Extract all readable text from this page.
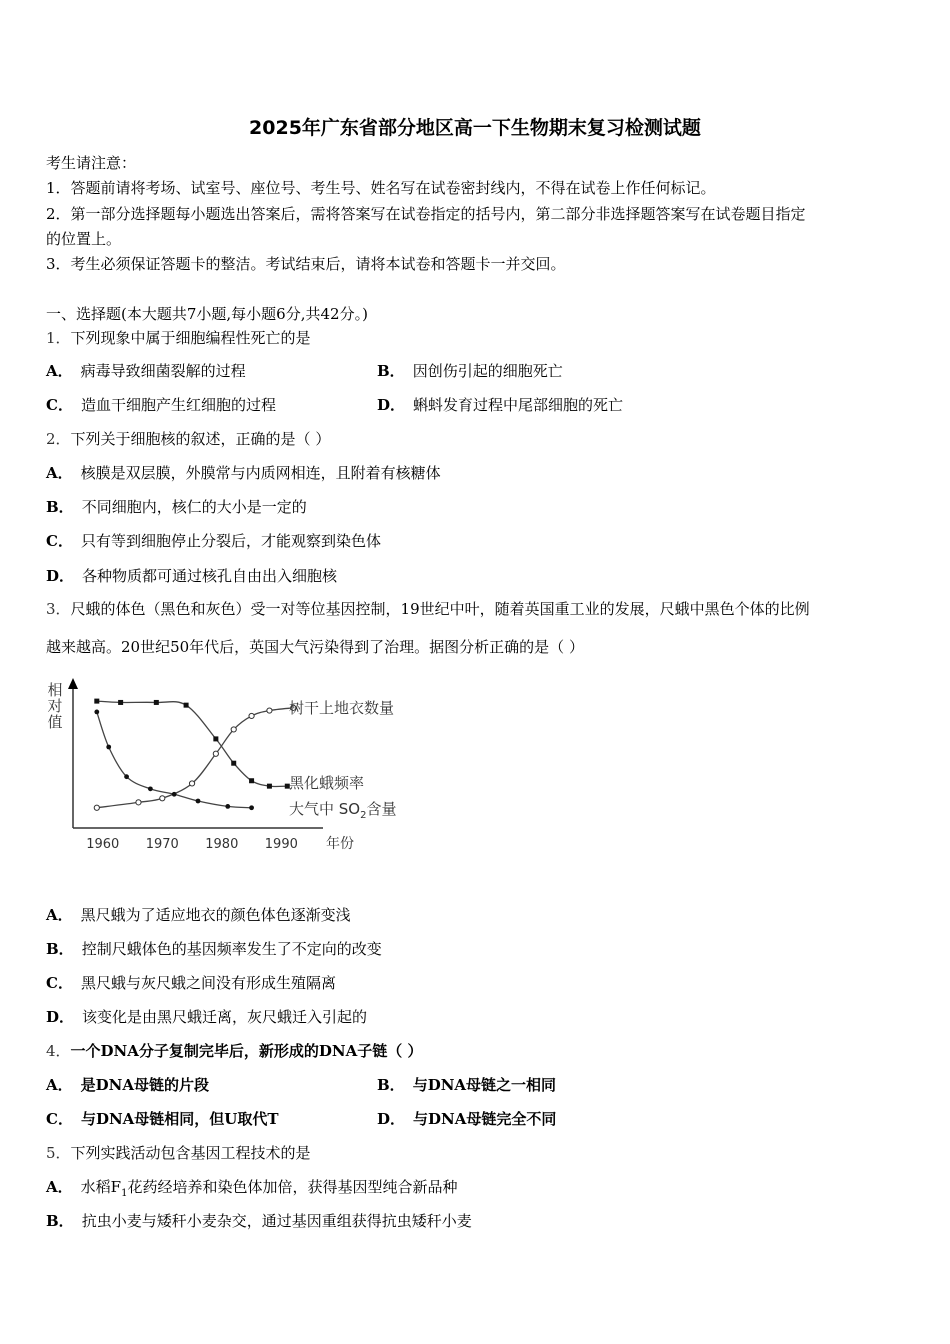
2025年广东省部分地区高一下生物期末复习检测试题
考生请注意：
1．答题前请将考场、试室号、座位号、考生号、姓名写在试卷密封线内，不得在试卷上作任何标记。
2．第一部分选择题每小题选出答案后，需将答案写在试卷指定的括号内，第二部分非选择题答案写在试卷题目指定
的位置上。
3．考生必须保证答题卡的整洁。考试结束后，请将本试卷和答题卡一并交回。
一、选择题(本大题共7小题,每小题6分,共42分。)
1．下列现象中属于细胞编程性死亡的是
A． 病毒导致细菌裂解的过程	B． 因创伤引起的细胞死亡
C． 造血干细胞产生红细胞的过程	D． 蝌蚪发育过程中尾部细胞的死亡
2．下列关于细胞核的叙述，正确的是（ ）
A． 核膜是双层膜，外膜常与内质网相连，且附着有核糖体
B． 不同细胞内，核仁的大小是一定的
C． 只有等到细胞停止分裂后，才能观察到染色体
D． 各种物质都可通过核孔自由出入细胞核
3．尺蛾的体色（黑色和灰色）受一对等位基因控制，19世纪中叶，随着英国重工业的发展，尺蛾中黑色个体的比例
越来越高。20世纪50年代后，英国大气污染得到了治理。据图分析正确的是（ ）
相
对
值
1960 1970 1980 1990 年份
树干上地衣数量
黑化蛾频率
大气中 $SO_2$含量
A． 黑尺蛾为了适应地衣的颜色体色逐渐变浅
B． 控制尺蛾体色的基因频率发生了不定向的改变
C． 黑尺蛾与灰尺蛾之间没有形成生殖隔离
D． 该变化是由黑尺蛾迁离，灰尺蛾迁入引起的
4．一个DNA分子复制完毕后，新形成的DNA子链（ ）
A． 是DNA母链的片段	B． 与DNA母链之一相同
C． 与DNA母链相同，但U取代T	D． 与DNA母链完全不同
5．下列实践活动包含基因工程技术的是
A． 水稻$F_1$花药经培养和染色体加倍，获得基因型纯合新品种
B． 抗虫小麦与矮秆小麦杂交，通过基因重组获得抗虫矮秆小麦
